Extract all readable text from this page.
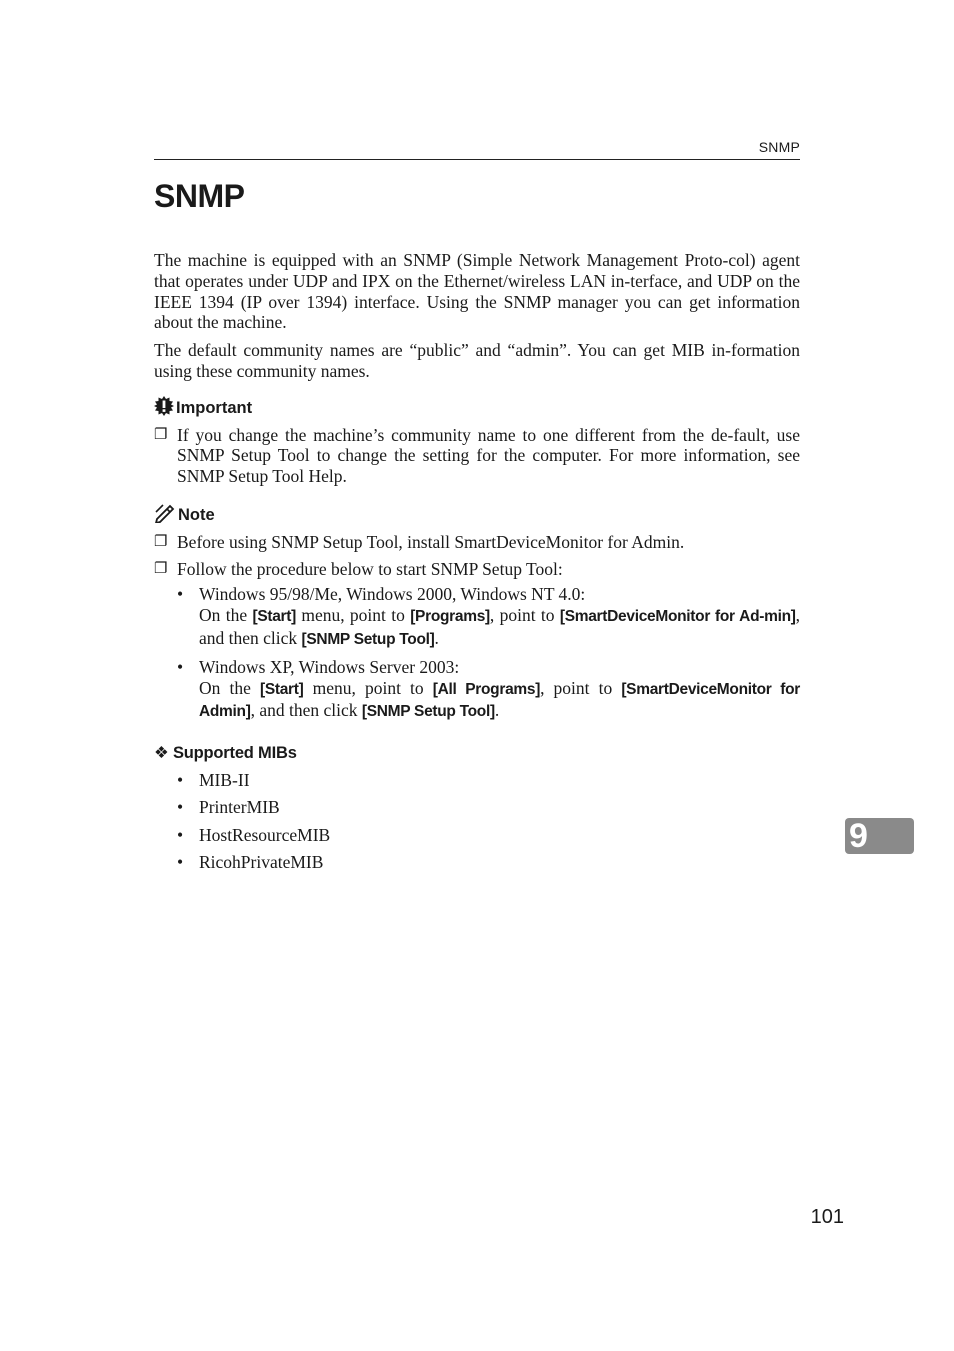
SNMP
SNMP

The machine is equipped with an SNMP (Simple Network Management Proto-col) agent that operates under UDP and IPX on the Ethernet/wireless LAN in-terface, and UDP on the IEEE 1394 (IP over 1394) interface. Using the SNMP manager you can get information about the machine.

The default community names are “public” and “admin”. You can get MIB in-formation using these community names.

Important
❐ If you change the machine’s community name to one different from the de-fault, use SNMP Setup Tool to change the setting for the computer. For more information, see SNMP Setup Tool Help.
Note
❐ Before using SNMP Setup Tool, install SmartDeviceMonitor for Admin.
❐ Follow the procedure below to start SNMP Setup Tool:
• Windows 95/98/Me, Windows 2000, Windows NT 4.0:
On the [Start] menu, point to [Programs], point to [SmartDeviceMonitor for Ad-min], and then click [SNMP Setup Tool].
• Windows XP, Windows Server 2003:
On the [Start] menu, point to [All Programs], point to [SmartDeviceMonitor for Admin], and then click [SNMP Setup Tool].
❖ Supported MIBs
• MIB-II
• PrinterMIB
• HostResourceMIB
• RicohPrivateMIB
9
101
